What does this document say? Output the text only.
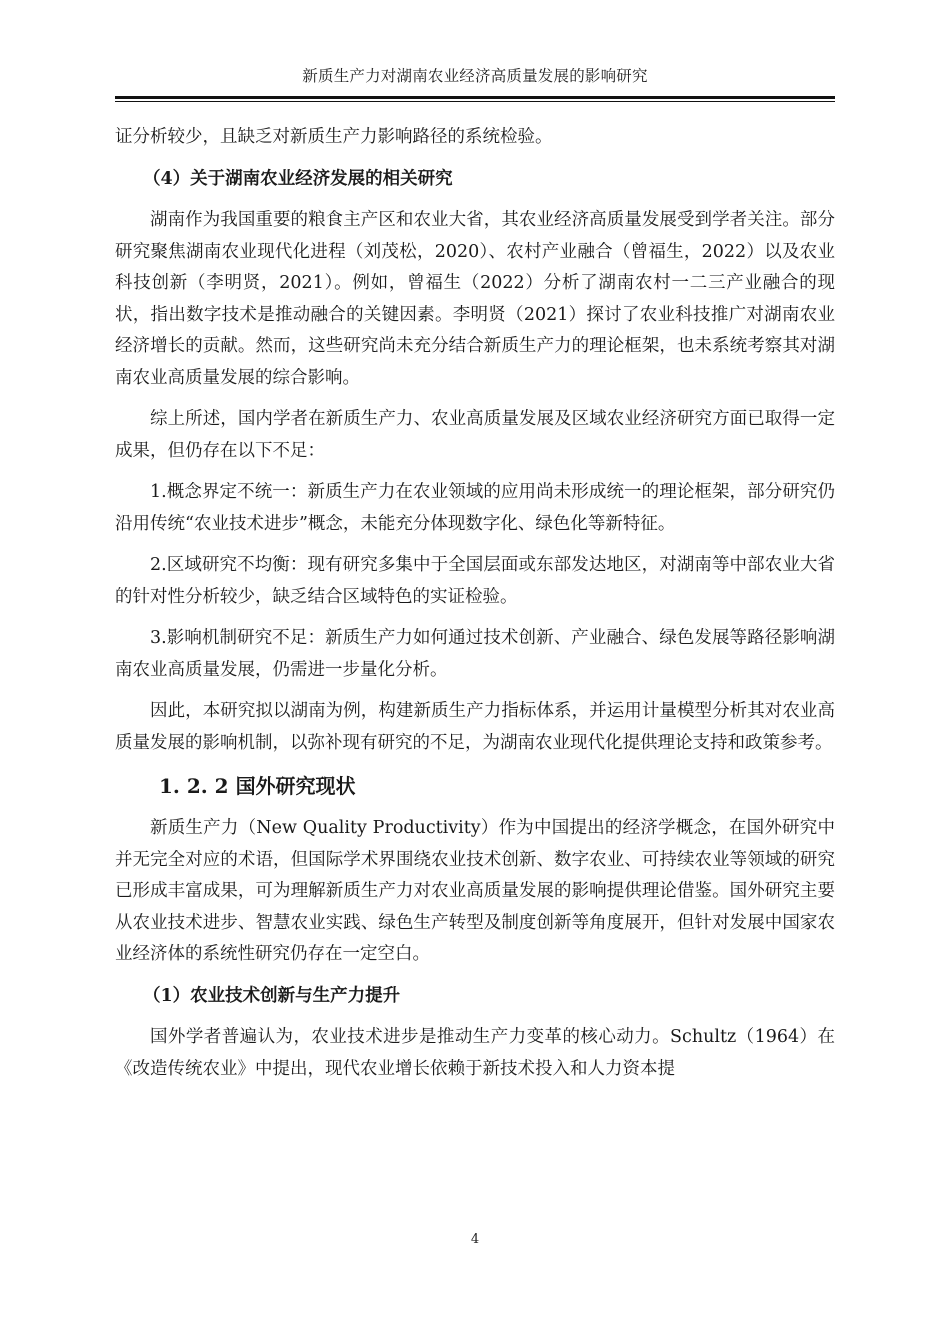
新质生产力对湖南农业经济高质量发展的影响研究

证分析较少，且缺乏对新质生产力影响路径的系统检验。

（4）关于湖南农业经济发展的相关研究

湖南作为我国重要的粮食主产区和农业大省，其农业经济高质量发展受到学者关注。部分研究聚焦湖南农业现代化进程（刘茂松，2020）、农村产业融合（曾福生，2022）以及农业科技创新（李明贤，2021）。例如，曾福生（2022）分析了湖南农村一二三产业融合的现状，指出数字技术是推动融合的关键因素。李明贤（2021）探讨了农业科技推广对湖南农业经济增长的贡献。然而，这些研究尚未充分结合新质生产力的理论框架，也未系统考察其对湖南农业高质量发展的综合影响。

综上所述，国内学者在新质生产力、农业高质量发展及区域农业经济研究方面已取得一定成果，但仍存在以下不足：

1.概念界定不统一：新质生产力在农业领域的应用尚未形成统一的理论框架，部分研究仍沿用传统“农业技术进步”概念，未能充分体现数字化、绿色化等新特征。

2.区域研究不均衡：现有研究多集中于全国层面或东部发达地区，对湖南等中部农业大省的针对性分析较少，缺乏结合区域特色的实证检验。

3.影响机制研究不足：新质生产力如何通过技术创新、产业融合、绿色发展等路径影响湖南农业高质量发展，仍需进一步量化分析。

因此，本研究拟以湖南为例，构建新质生产力指标体系，并运用计量模型分析其对农业高质量发展的影响机制，以弥补现有研究的不足，为湖南农业现代化提供理论支持和政策参考。

1. 2. 2 国外研究现状

新质生产力（New Quality Productivity）作为中国提出的经济学概念，在国外研究中并无完全对应的术语，但国际学术界围绕农业技术创新、数字农业、可持续农业等领域的研究已形成丰富成果，可为理解新质生产力对农业高质量发展的影响提供理论借鉴。国外研究主要从农业技术进步、智慧农业实践、绿色生产转型及制度创新等角度展开，但针对发展中国家农业经济体的系统性研究仍存在一定空白。

（1）农业技术创新与生产力提升

国外学者普遍认为，农业技术进步是推动生产力变革的核心动力。Schultz（1964）在《改造传统农业》中提出，现代农业增长依赖于新技术投入和人力资本提

4
